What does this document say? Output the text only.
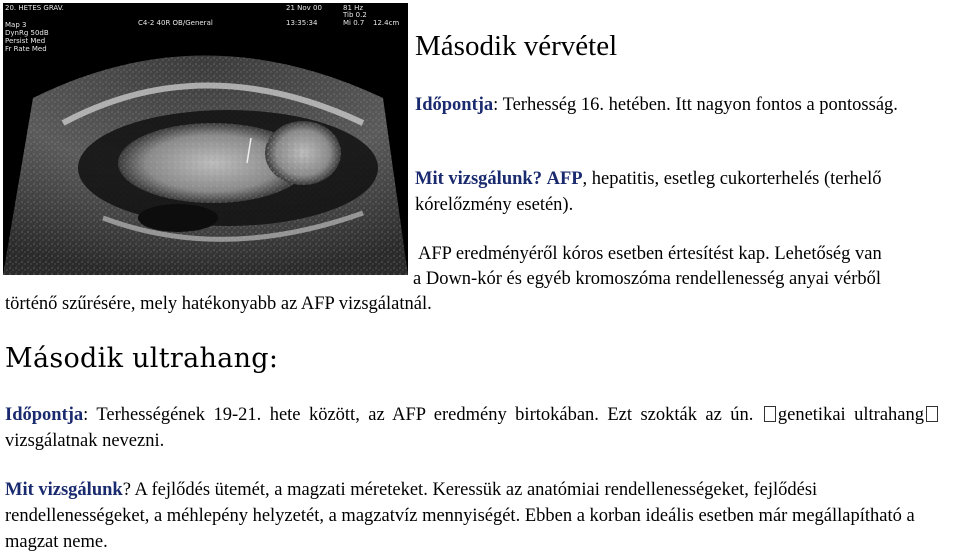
20. HETES GRAV.
Map 3
DynRg 50dB
Persist Med
Fr Rate Med
C4-2 40R OB/General
21 Nov 00
13:35:34
81 Hz
Tib 0.2
Mi 0.7 12.4cm
Második vérvétel
Időpontja: Terhesség 16. hetében. Itt nagyon fontos a pontosság.
Mit vizsgálunk? AFP, hepatitis, esetleg cukorterhelés (terhelő kórelőzmény esetén).
AFP eredményéről kóros esetben értesítést kap. Lehetőség van
a Down-kór és egyéb kromoszóma rendellenesség anyai vérből
történő szűrésére, mely hatékonyabb az AFP vizsgálatnál.
Második ultrahang:
Időpontja: Terhességének 19-21. hete között, az AFP eredmény birtokában. Ezt szokták az ún. genetikai ultrahang vizsgálatnak nevezni.
Mit vizsgálunk? A fejlődés ütemét, a magzati méreteket. Keressük az anatómiai rendellenességeket, fejlődési rendellenességeket, a méhlepény helyzetét, a magzatvíz mennyiségét. Ebben a korban ideális esetben már megállapítható a magzat neme.
